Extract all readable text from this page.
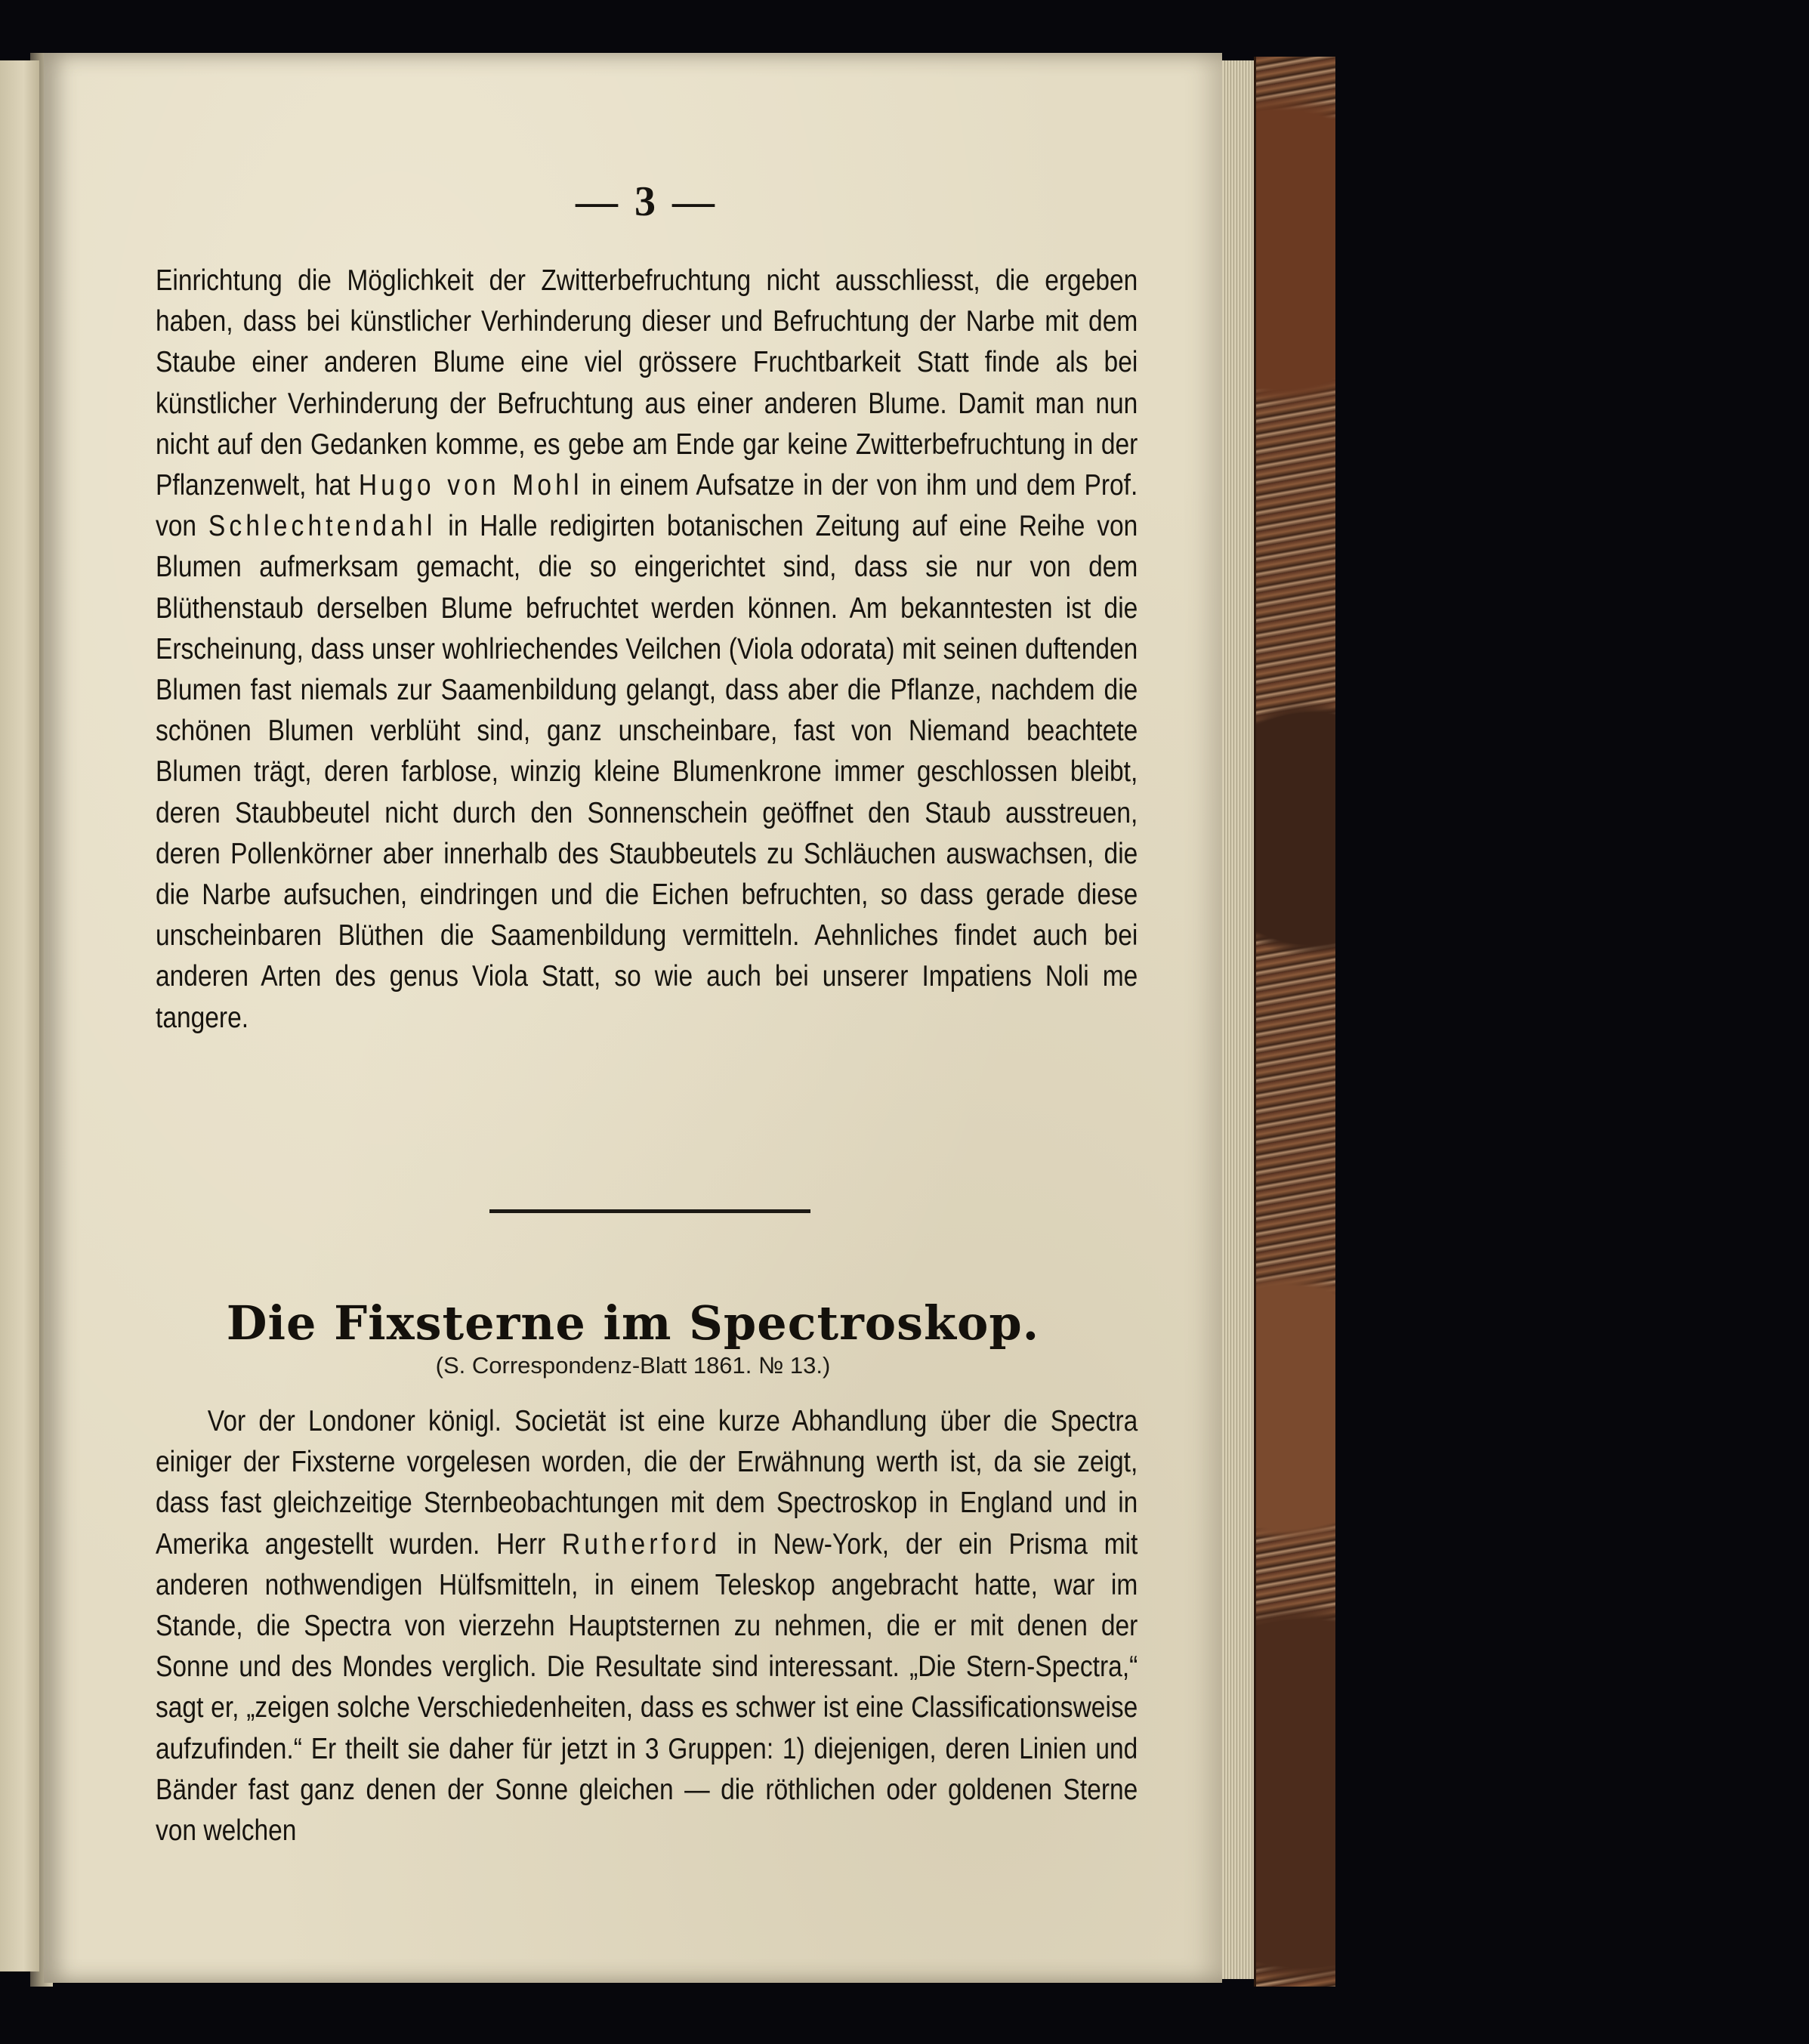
— 3 —

Einrichtung die Möglichkeit der Zwitterbefruchtung nicht ausschliesst, die ergeben haben, dass bei künstlicher Verhinderung dieser und Befruchtung der Narbe mit dem Staube einer anderen Blume eine viel grössere Fruchtbarkeit Statt finde als bei künstlicher Verhinderung der Befruchtung aus einer anderen Blume. Damit man nun nicht auf den Gedanken komme, es gebe am Ende gar keine Zwitterbefruchtung in der Pflanzenwelt, hat Hugo von Mohl in einem Aufsatze in der von ihm und dem Prof. von Schlechtendahl in Halle redigirten botanischen Zeitung auf eine Reihe von Blumen aufmerksam gemacht, die so eingerichtet sind, dass sie nur von dem Blüthenstaub derselben Blume befruchtet werden können. Am bekanntesten ist die Erscheinung, dass unser wohlriechendes Veilchen (Viola odorata) mit seinen duftenden Blumen fast niemals zur Saamenbildung gelangt, dass aber die Pflanze, nachdem die schönen Blumen verblüht sind, ganz unscheinbare, fast von Niemand beachtete Blumen trägt, deren farblose, winzig kleine Blumenkrone immer geschlossen bleibt, deren Staubbeutel nicht durch den Sonnenschein geöffnet den Staub ausstreuen, deren Pollenkörner aber innerhalb des Staubbeutels zu Schläuchen auswachsen, die die Narbe aufsuchen, eindringen und die Eichen befruchten, so dass gerade diese unscheinbaren Blüthen die Saamenbildung vermitteln. Aehnliches findet auch bei anderen Arten des genus Viola Statt, so wie auch bei unserer Impatiens Noli me tangere.

Die Fixsterne im Spectroskop.
(S. Correspondenz-Blatt 1861. № 13.)

Vor der Londoner königl. Societät ist eine kurze Abhandlung über die Spectra einiger der Fixsterne vorgelesen worden, die der Erwähnung werth ist, da sie zeigt, dass fast gleichzeitige Sternbeobachtungen mit dem Spectroskop in England und in Amerika angestellt wurden. Herr Rutherford in New-York, der ein Prisma mit anderen nothwendigen Hülfsmitteln, in einem Teleskop angebracht hatte, war im Stande, die Spectra von vierzehn Hauptsternen zu nehmen, die er mit denen der Sonne und des Mondes verglich. Die Resultate sind interessant. „Die Stern-Spectra,“ sagt er, „zeigen solche Verschiedenheiten, dass es schwer ist eine Classificationsweise aufzufinden.“ Er theilt sie daher für jetzt in 3 Gruppen: 1) diejenigen, deren Linien und Bänder fast ganz denen der Sonne gleichen — die röthlichen oder goldenen Sterne von welchen
